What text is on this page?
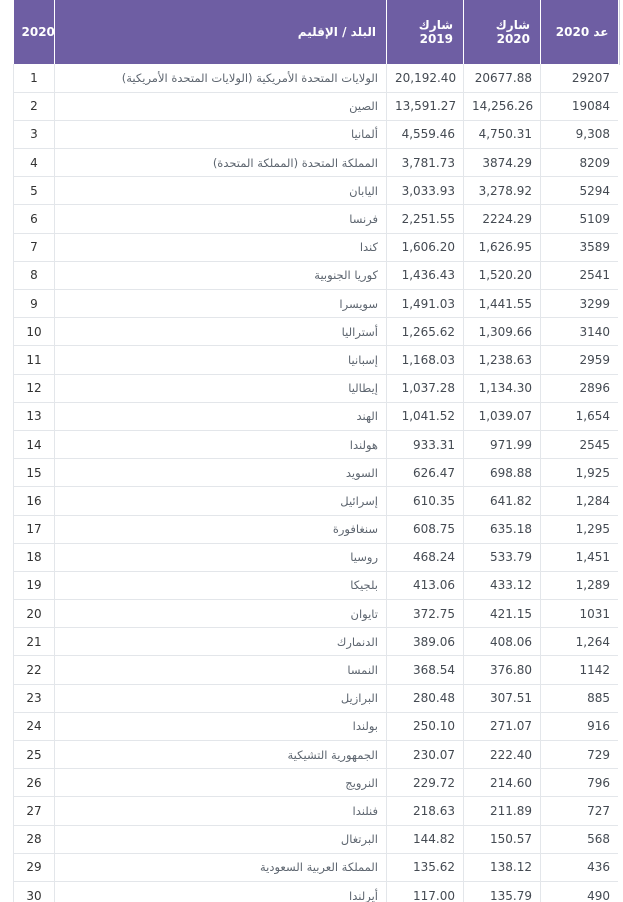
2020	البلد / الإقليم	شارك 2019	شارك 2020	عد 2020
1	الولايات المتحدة الأمريكية (الولايات المتحدة الأمريكية)	20,192.40	20677.88	29207
2	الصين	13,591.27	14,256.26	19084
3	ألمانيا	4,559.46	4,750.31	9,308
4	المملكة المتحدة (المملكة المتحدة)	3,781.73	3874.29	8209
5	اليابان	3,033.93	3,278.92	5294
6	فرنسا	2,251.55	2224.29	5109
7	كندا	1,606.20	1,626.95	3589
8	كوريا الجنوبية	1,436.43	1,520.20	2541
9	سويسرا	1,491.03	1,441.55	3299
10	أستراليا	1,265.62	1,309.66	3140
11	إسبانيا	1,168.03	1,238.63	2959
12	إيطاليا	1,037.28	1,134.30	2896
13	الهند	1,041.52	1,039.07	1,654
14	هولندا	933.31	971.99	2545
15	السويد	626.47	698.88	1,925
16	إسرائيل	610.35	641.82	1,284
17	سنغافورة	608.75	635.18	1,295
18	روسيا	468.24	533.79	1,451
19	بلجيكا	413.06	433.12	1,289
20	تايوان	372.75	421.15	1031
21	الدنمارك	389.06	408.06	1,264
22	النمسا	368.54	376.80	1142
23	البرازيل	280.48	307.51	885
24	بولندا	250.10	271.07	916
25	الجمهورية التشيكية	230.07	222.40	729
26	النرويج	229.72	214.60	796
27	فنلندا	218.63	211.89	727
28	البرتغال	144.82	150.57	568
29	المملكة العربية السعودية	135.62	138.12	436
30	أيرلندا	117.00	135.79	490
